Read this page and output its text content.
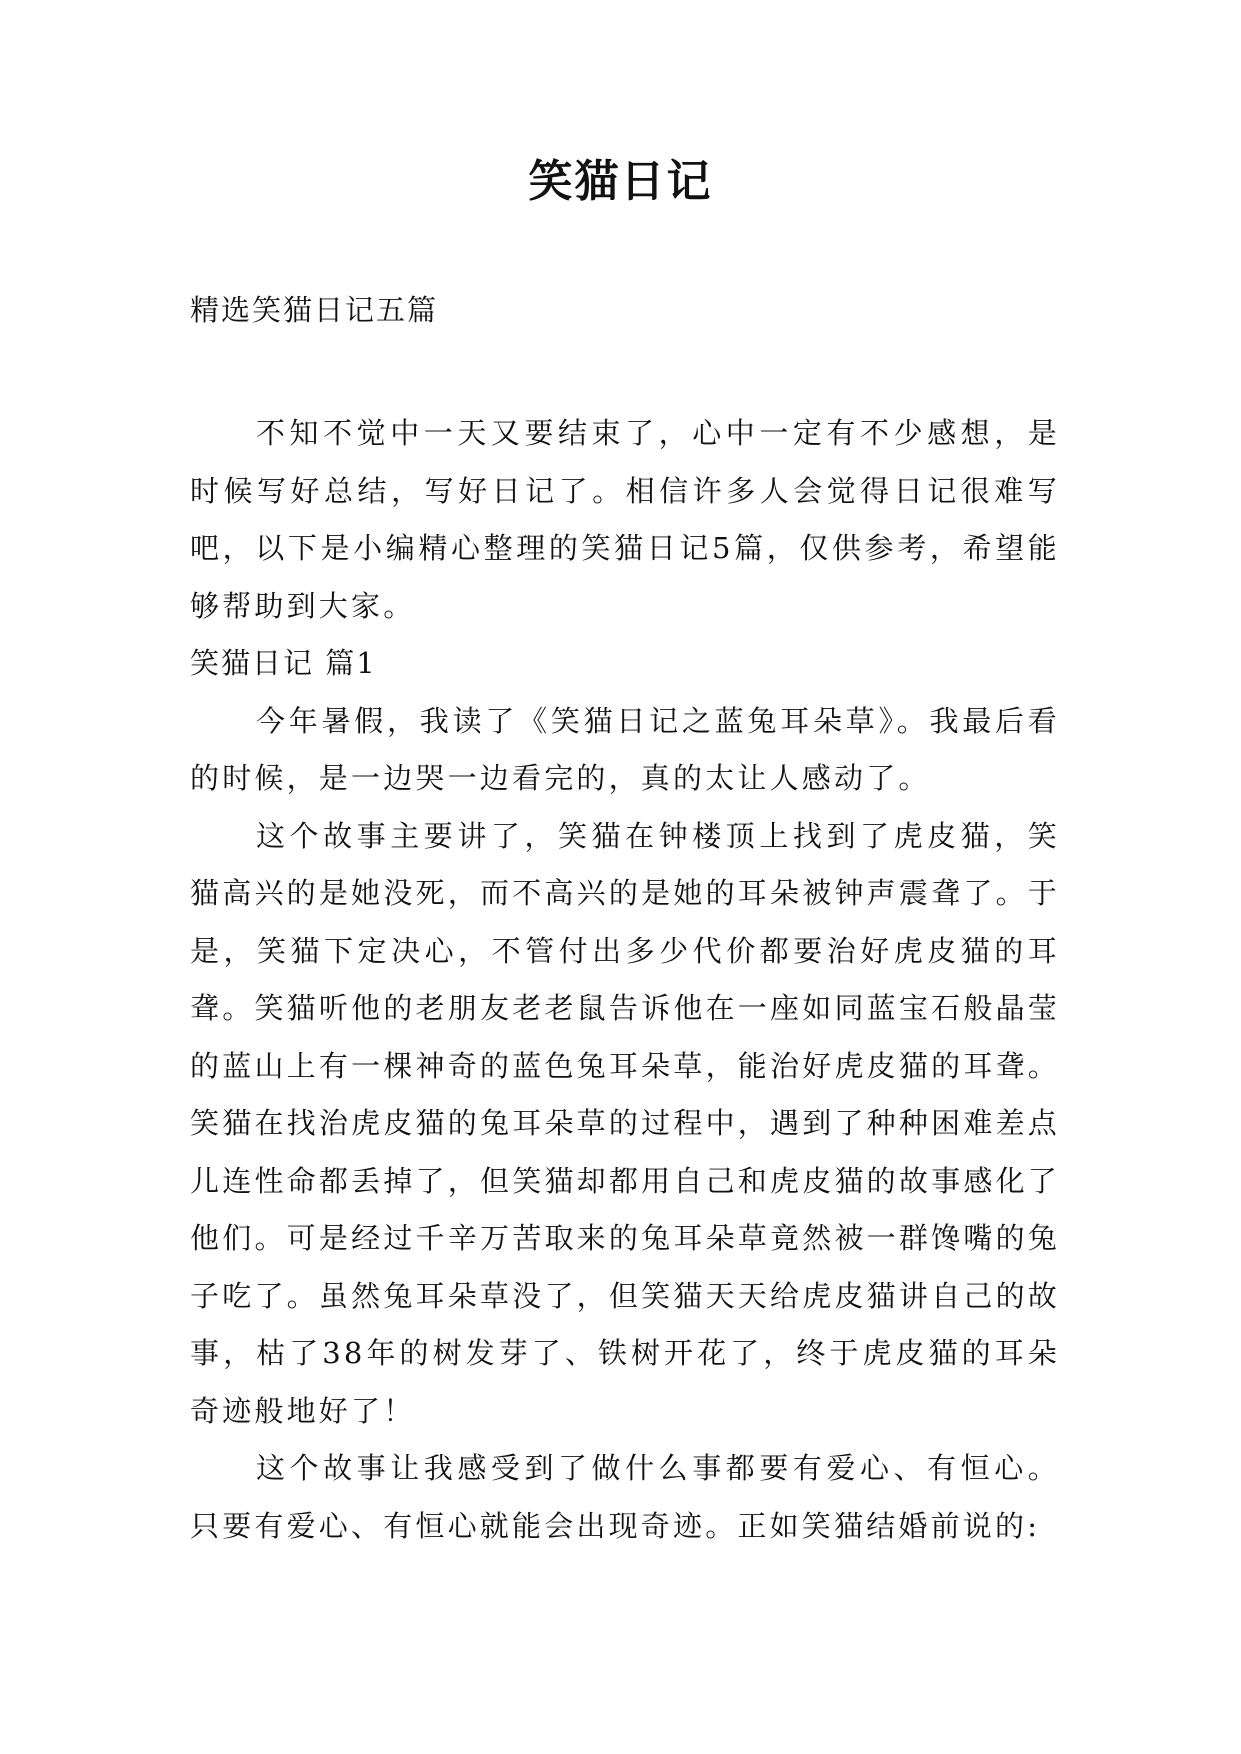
笑猫日记

精选笑猫日记五篇

不知不觉中一天又要结束了，心中一定有不少感想，是时候写好总结，写好日记了。相信许多人会觉得日记很难写吧，以下是小编精心整理的笑猫日记5篇，仅供参考，希望能够帮助到大家。

笑猫日记 篇1

今年暑假，我读了《笑猫日记之蓝兔耳朵草》。我最后看的时候，是一边哭一边看完的，真的太让人感动了。

这个故事主要讲了，笑猫在钟楼顶上找到了虎皮猫，笑猫高兴的是她没死，而不高兴的是她的耳朵被钟声震聋了。于是，笑猫下定决心，不管付出多少代价都要治好虎皮猫的耳聋。笑猫听他的老朋友老老鼠告诉他在一座如同蓝宝石般晶莹的蓝山上有一棵神奇的蓝色兔耳朵草，能治好虎皮猫的耳聋。笑猫在找治虎皮猫的兔耳朵草的过程中，遇到了种种困难差点儿连性命都丢掉了，但笑猫却都用自己和虎皮猫的故事感化了他们。可是经过千辛万苦取来的兔耳朵草竟然被一群馋嘴的兔子吃了。虽然兔耳朵草没了，但笑猫天天给虎皮猫讲自己的故事，枯了38年的树发芽了、铁树开花了，终于虎皮猫的耳朵奇迹般地好了！

这个故事让我感受到了做什么事都要有爱心、有恒心。只要有爱心、有恒心就能会出现奇迹。正如笑猫结婚前说的:
